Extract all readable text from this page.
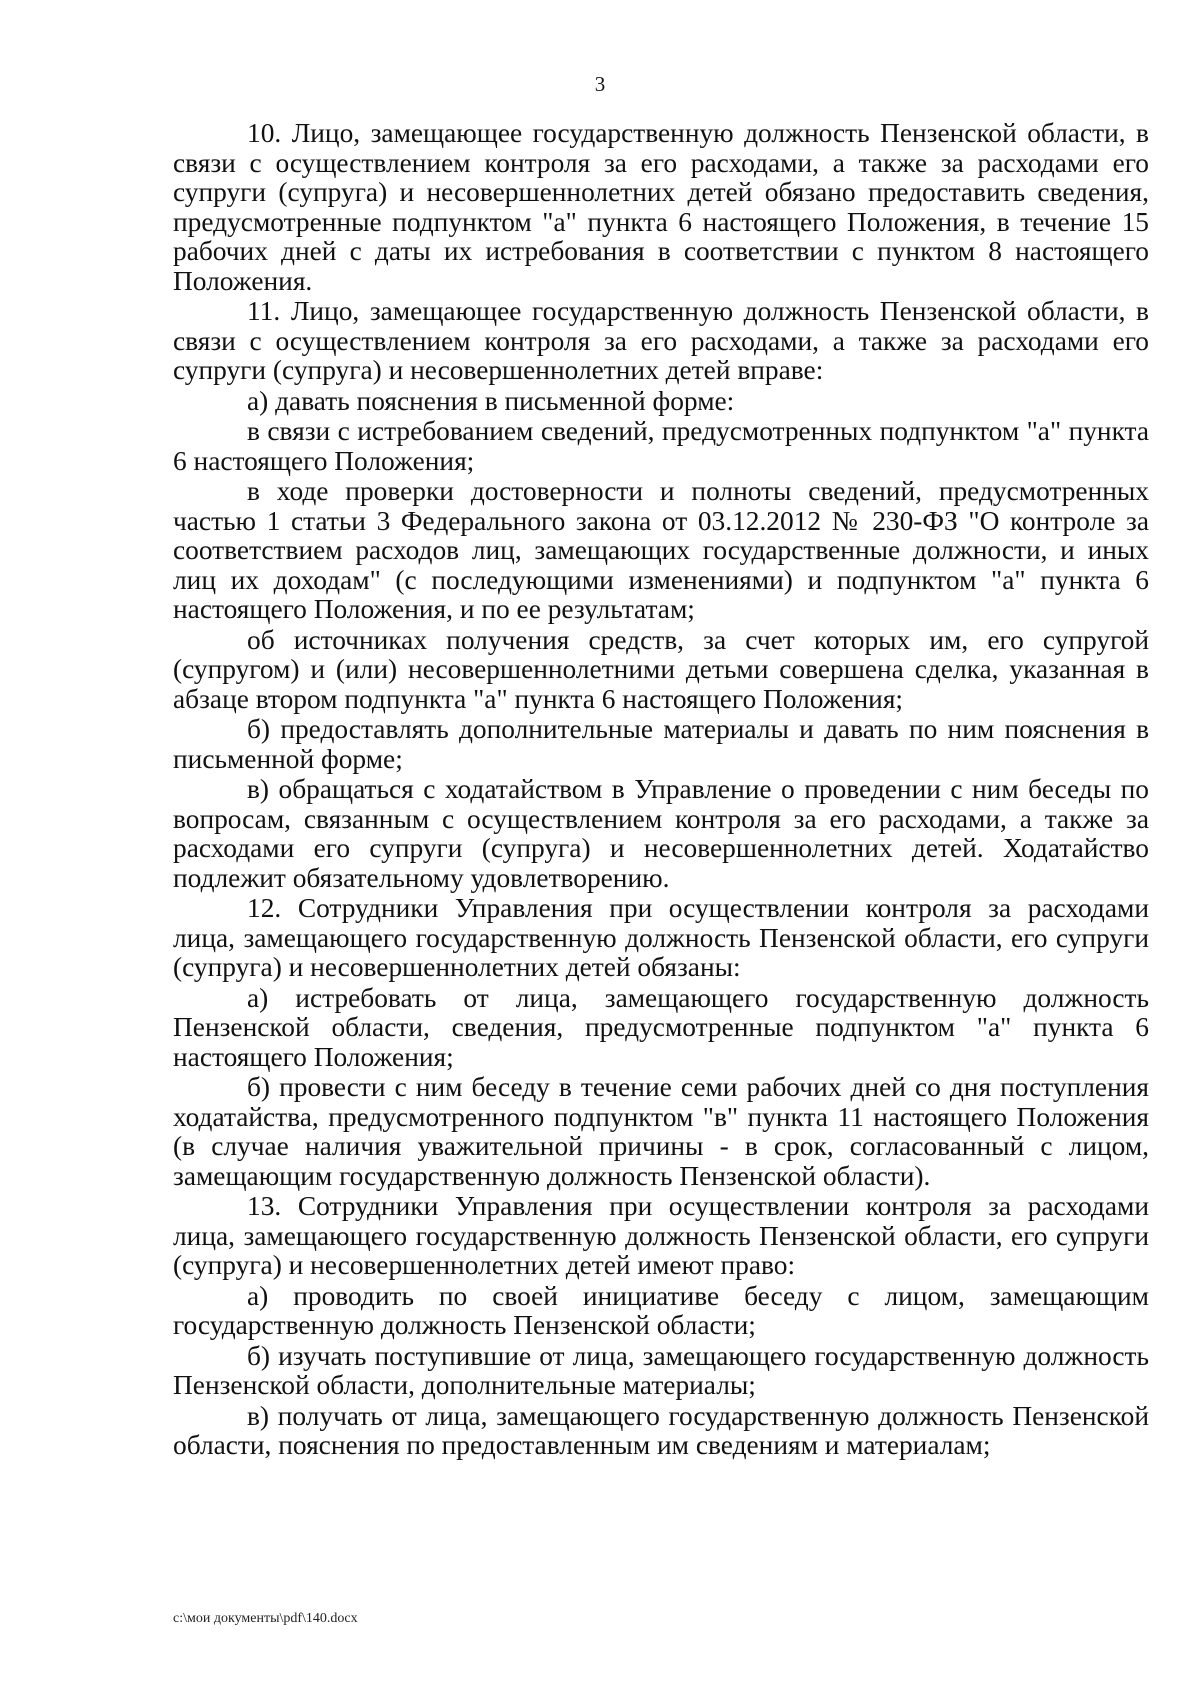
3

10. Лицо, замещающее государственную должность Пензенской области, в связи с осуществлением контроля за его расходами, а также за расходами его супруги (супруга) и несовершеннолетних детей обязано предоставить сведения, предусмотренные подпунктом "а" пункта 6 настоящего Положения, в течение 15 рабочих дней с даты их истребования в соответствии с пунктом 8 настоящего Положения.

11. Лицо, замещающее государственную должность Пензенской области, в связи с осуществлением контроля за его расходами, а также за расходами его супруги (супруга) и несовершеннолетних детей вправе:

а) давать пояснения в письменной форме:

в связи с истребованием сведений, предусмотренных подпунктом "а" пункта 6 настоящего Положения;

в ходе проверки достоверности и полноты сведений, предусмотренных частью 1 статьи 3 Федерального закона от 03.12.2012 № 230-ФЗ "О контроле за соответствием расходов лиц, замещающих государственные должности, и иных лиц их доходам" (с последующими изменениями) и подпунктом "а" пункта 6 настоящего Положения, и по ее результатам;

об источниках получения средств, за счет которых им, его супругой (супругом) и (или) несовершеннолетними детьми совершена сделка, указанная в абзаце втором подпункта "а" пункта 6 настоящего Положения;

б) предоставлять дополнительные материалы и давать по ним пояснения в письменной форме;

в) обращаться с ходатайством в Управление о проведении с ним беседы по вопросам, связанным с осуществлением контроля за его расходами, а также за расходами его супруги (супруга) и несовершеннолетних детей. Ходатайство подлежит обязательному удовлетворению.

12. Сотрудники Управления при осуществлении контроля за расходами лица, замещающего государственную должность Пензенской области, его супруги (супруга) и несовершеннолетних детей обязаны:

а) истребовать от лица, замещающего государственную должность Пензенской области, сведения, предусмотренные подпунктом "а" пункта 6 настоящего Положения;

б) провести с ним беседу в течение семи рабочих дней со дня поступления ходатайства, предусмотренного подпунктом "в" пункта 11 настоящего Положения (в случае наличия уважительной причины - в срок, согласованный с лицом, замещающим государственную должность Пензенской области).

13. Сотрудники Управления при осуществлении контроля за расходами лица, замещающего государственную должность Пензенской области, его супруги (супруга) и несовершеннолетних детей имеют право:

а) проводить по своей инициативе беседу с лицом, замещающим государственную должность Пензенской области;

б) изучать поступившие от лица, замещающего государственную должность Пензенской области, дополнительные материалы;

в) получать от лица, замещающего государственную должность Пензенской области, пояснения по предоставленным им сведениям и материалам;

c:\мои документы\pdf\140.docx
